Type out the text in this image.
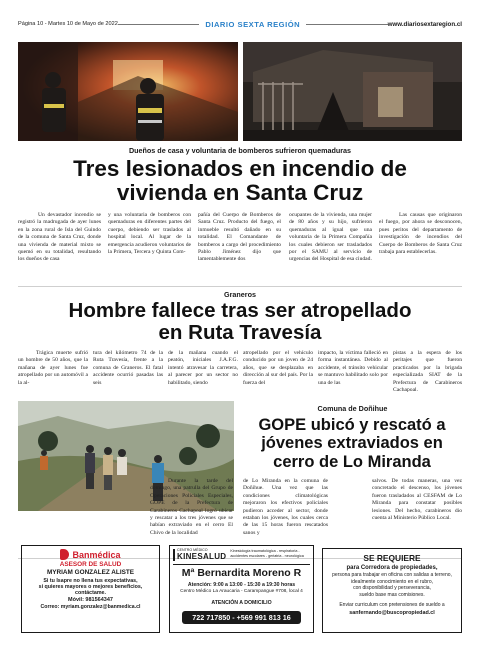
Página 10 - Martes 10 de Mayo de 2022	DIARIO SEXTA REGIÓN	www.diariosextaregion.cl
Dueños de casa y voluntaria de bomberos sufrieron quemaduras
Tres lesionados en incendio de vivienda en Santa Cruz

Un devastador incendio se registró la madrugada de ayer lunes en la zona rural de Isla del Guindo de la comuna de Santa Cruz, donde una vivienda de material mixto se quemó en su totalidad, resultando los dueños de casa

y una voluntaria de bomberos con quemaduras en diferentes partes del cuerpo, debiendo ser traslados al hospital local. Al lugar de la emergencia acudieron voluntarios de la Primera, Tercera y Quinta Com-

pañía del Cuerpo de Bomberos de Santa Cruz. Producto del fuego, el inmueble resultó dañado en su totalidad. El Comandante de bomberos a cargo del procedimiento Pablo Jiménez dijo que lamentablemente dos

ocupantes de la vivienda, una mujer de 80 años y su hijo, sufrieron quemaduras al igual que una voluntaria de la Primera Compañía los cuales debieron ser trasladados por el SAMU al servicio de urgencias del Hospital de esa ciudad.

Las causas que originaron el fuego, por ahora se desconocen, pues peritos del departamento de investigación de incendios del Cuerpo de Bomberos de Santa Cruz trabaja para establecerlas.

Graneros
Hombre fallece tras ser atropellado en Ruta Travesía

Trágica muerte sufrió un hombre de 50 años, que la mañana de ayer lunes fue atropellado por un automóvil a la al-

tura del kilómetro 74 de la Ruta Travesía, frente a la comuna de Graneros. El fatal accidente ocurrió pasadas las seis

de la mañana cuando el peatón, iniciales J.A.F.G. intentó atravesar la carretera, al parecer por un sector no habilitado, siendo

atropellado por el vehículo conducido por un joven de 24 años, que se desplazaba en dirección al sur del país. Por la fuerza del

impacto, la víctima falleció en forma instantánea. Debido al accidente, el tránsito vehicular se mantuvo habilitado solo por una de las

pistas a la espera de los peritajes que fueron practicados por la brigada especializada SIAT de la Prefectura de Carabineros Cachapoal.

Comuna de Doñihue
GOPE ubicó y rescató a jóvenes extraviados en cerro de Lo Miranda

Durante la tarde del domingo, una patrulla del Grupo de Operaciones Policiales Especiales, GOPE de la Prefectura de Carabineros Cachapoal logró ubicar y rescatar a los tres jóvenes que se habían extraviado en el cerro El Chivo de la localidad

de Lo Miranda en la comuna de Doñihue. Una vez que las condiciones climatológicas mejoraron los efectivos policiales pudieron acceder al sector, donde estaban los jóvenes, los cuales cerca de las 15 horas fueron rescatados sanos y

salvos. De todas maneras, una vez concretado el descenso, los jóvenes fueron trasladados al CESFAM de Lo Miranda para constatar posibles lesiones. Del hecho, carabineros dio cuenta al Ministerio Público Local.

Banmédica
ASESOR DE SALUD
MYRIAM GONZALEZ ALISTE
Si tu Isapre no llena tus expectativas,
si quieres mayores o mejores beneficios,
contáctame.
Móvil: 981564347
Correo: myriam.gonzalez@banmedica.cl
CENTRO MÉDICO
KINESALUD
Kinesiología traumatológica - respiratoria - accidentes escolares - geriatria - neurológica
Mª Bernardita Moreno R
Atención: 9:00 a 13:00 - 15:30 a 19:30 horas
Centro Médico La Araucaria - Carampangue #708, local 4
ATENCIÓN A DOMICILIO
722 717850 - +569 991 813 16
SE REQUIERE
para Corredora de propiedades,
persona para trabajar en oficina con salidas a terreno, idealmente conocimiento en el rubro,
con disponibilidad y perseverancia,
sueldo base mas comisiones.
Enviar curriculum con pretensiones de sueldo a
sanfernando@buscopropiedad.cl
